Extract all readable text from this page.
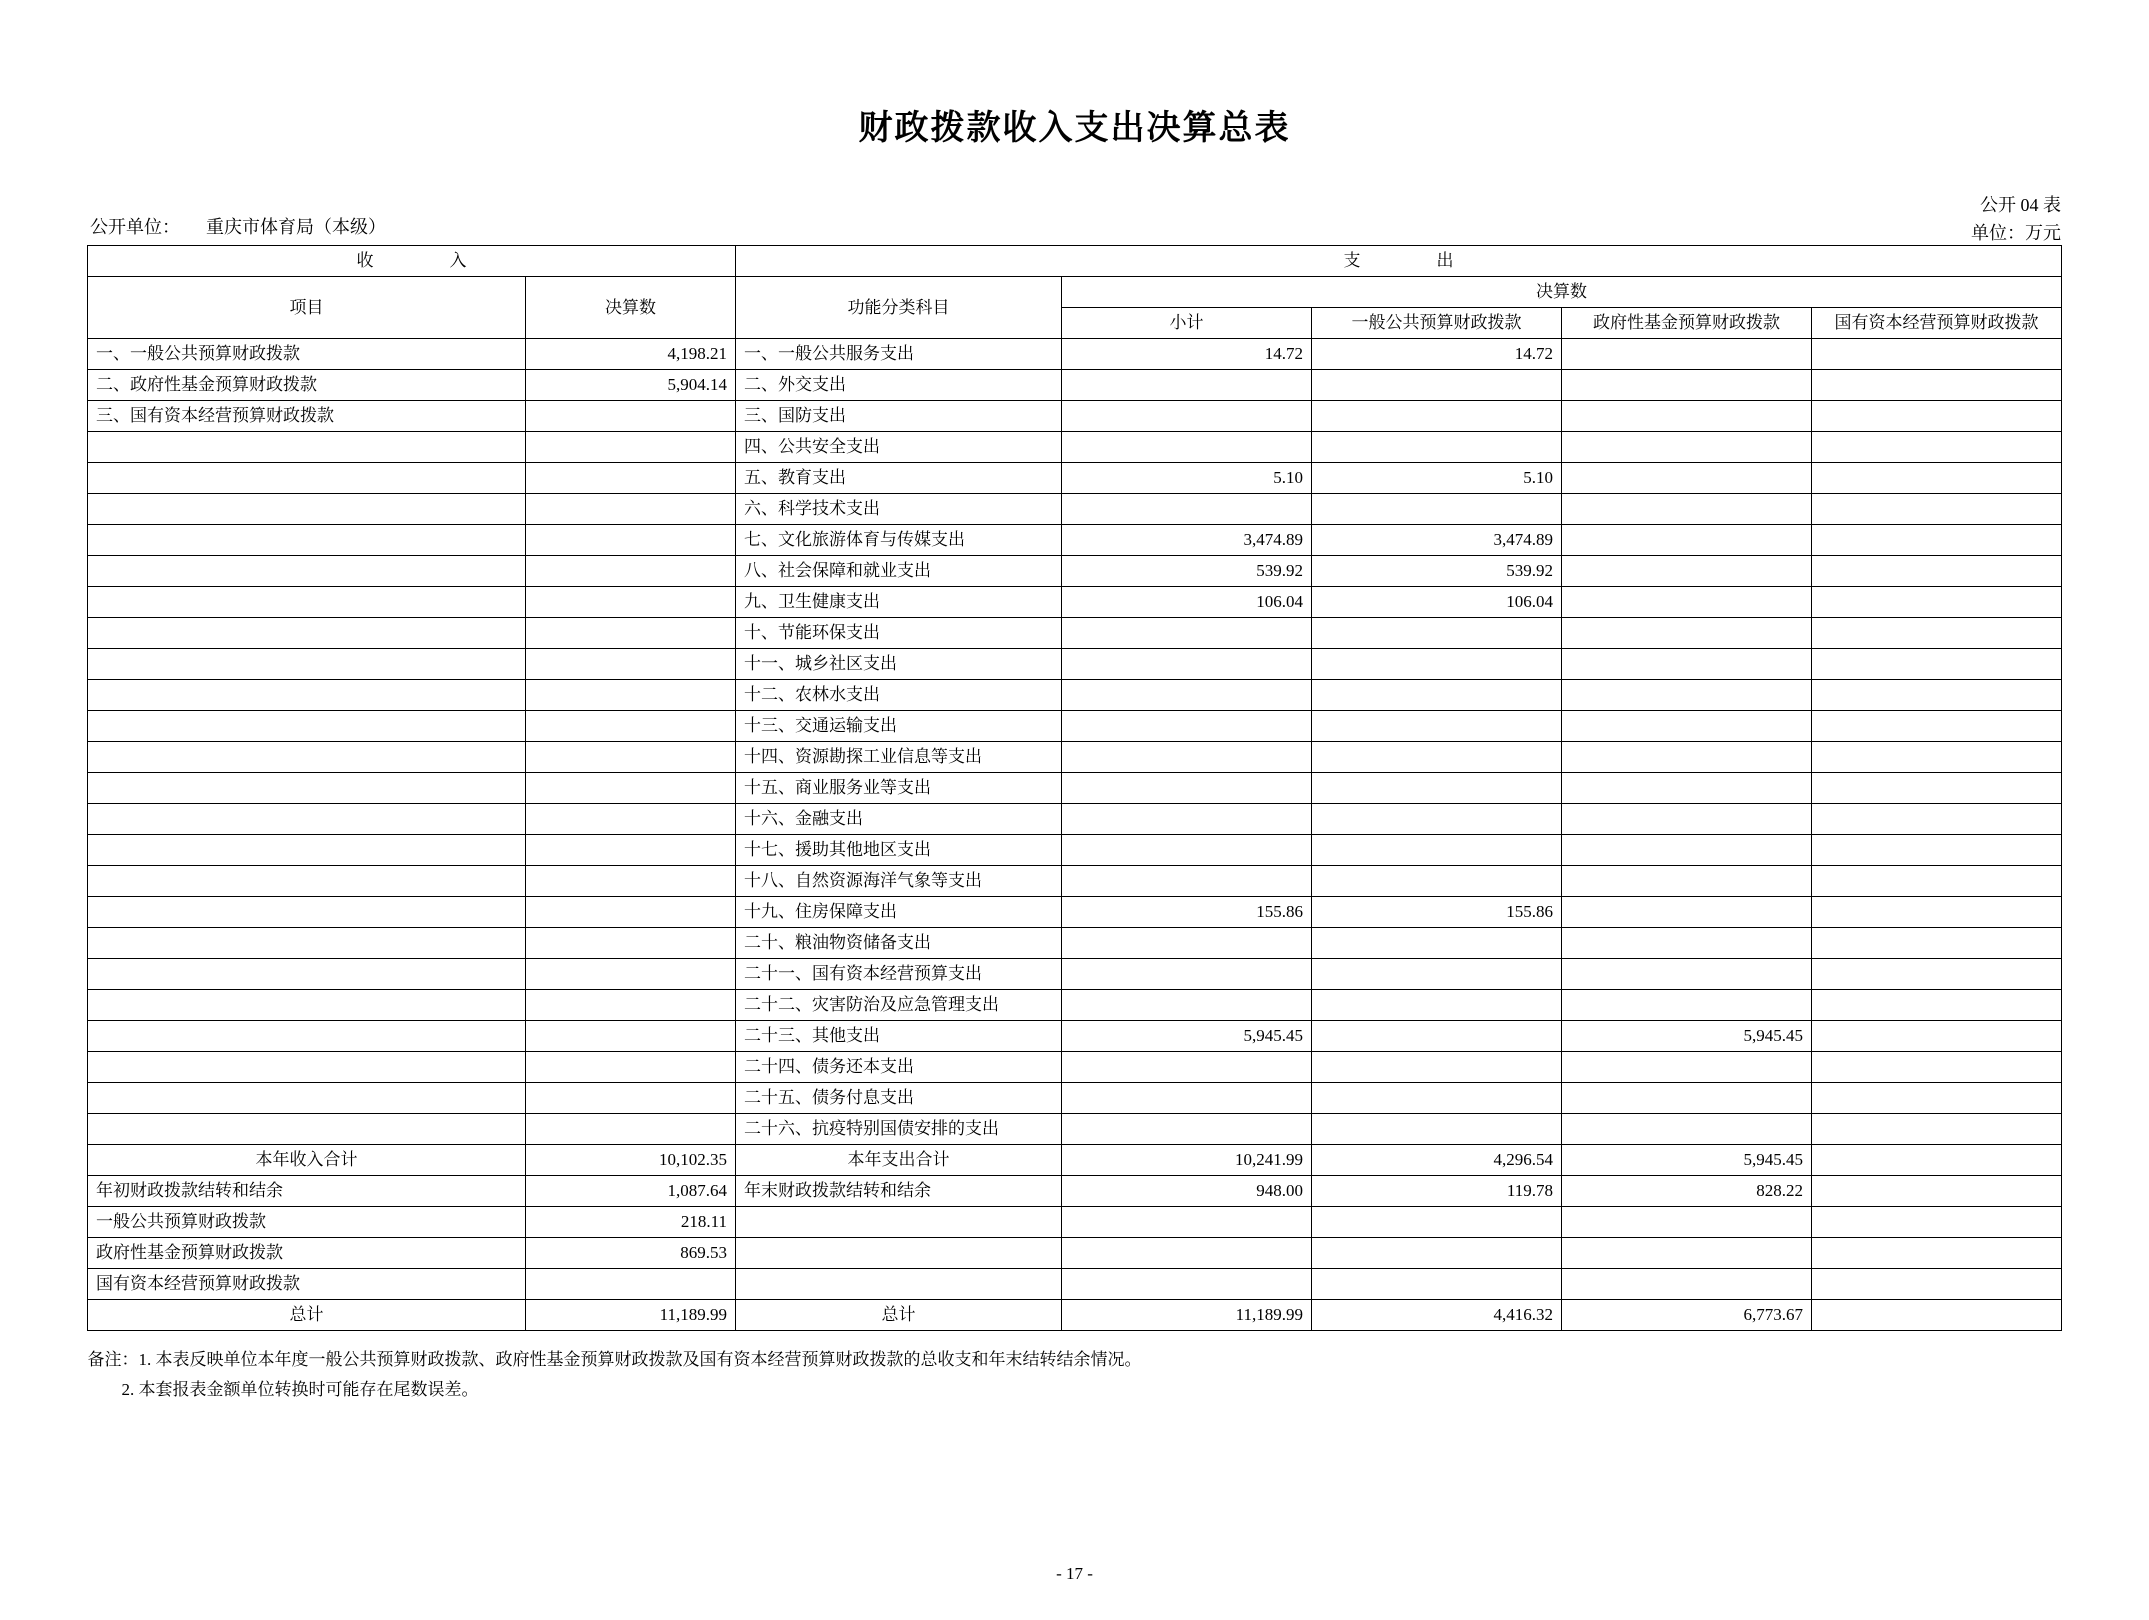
财政拨款收入支出决算总表
公开单位： 重庆市体育局（本级）
公开 04 表
单位：万元
收　　入		支　　出				
项目	决算数	功能分类科目	决算数			
			小计	一般公共预算财政拨款	政府性基金预算财政拨款	国有资本经营预算财政拨款
一、一般公共预算财政拨款	4,198.21	一、一般公共服务支出	14.72	14.72		
二、政府性基金预算财政拨款	5,904.14	二、外交支出				
三、国有资本经营预算财政拨款		三、国防支出				
		四、公共安全支出				
		五、教育支出	5.10	5.10		
		六、科学技术支出				
		七、文化旅游体育与传媒支出	3,474.89	3,474.89		
		八、社会保障和就业支出	539.92	539.92		
		九、卫生健康支出	106.04	106.04		
		十、节能环保支出				
		十一、城乡社区支出				
		十二、农林水支出				
		十三、交通运输支出				
		十四、资源勘探工业信息等支出				
		十五、商业服务业等支出				
		十六、金融支出				
		十七、援助其他地区支出				
		十八、自然资源海洋气象等支出				
		十九、住房保障支出	155.86	155.86		
		二十、粮油物资储备支出				
		二十一、国有资本经营预算支出				
		二十二、灾害防治及应急管理支出				
		二十三、其他支出	5,945.45		5,945.45	
		二十四、债务还本支出				
		二十五、债务付息支出				
		二十六、抗疫特别国债安排的支出				
本年收入合计	10,102.35	本年支出合计	10,241.99	4,296.54	5,945.45	
年初财政拨款结转和结余	1,087.64	年末财政拨款结转和结余	948.00	119.78	828.22	
一般公共预算财政拨款	218.11					
政府性基金预算财政拨款	869.53					
国有资本经营预算财政拨款						
总计	11,189.99	总计	11,189.99	4,416.32	6,773.67	
备注：1. 本表反映单位本年度一般公共预算财政拨款、政府性基金预算财政拨款及国有资本经营预算财政拨款的总收支和年末结转结余情况。
2. 本套报表金额单位转换时可能存在尾数误差。
- 17 -
